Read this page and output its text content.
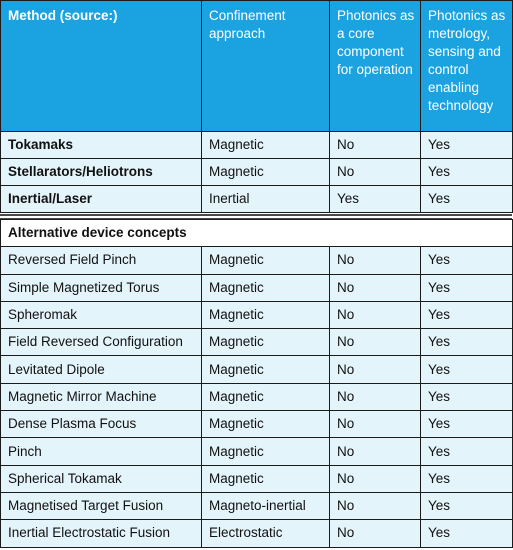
Method (source:)	Confinement approach	Photonics as a core component for operation	Photonics as metrology, sensing and control enabling technology
Tokamaks	Magnetic	No	Yes
Stellarators/Heliotrons	Magnetic	No	Yes
Inertial/Laser	Inertial	Yes	Yes
Alternative device concepts			
Reversed Field Pinch	Magnetic	No	Yes
Simple Magnetized Torus	Magnetic	No	Yes
Spheromak	Magnetic	No	Yes
Field Reversed Configuration	Magnetic	No	Yes
Levitated Dipole	Magnetic	No	Yes
Magnetic Mirror Machine	Magnetic	No	Yes
Dense Plasma Focus	Magnetic	No	Yes
Pinch	Magnetic	No	Yes
Spherical Tokamak	Magnetic	No	Yes
Magnetised Target Fusion	Magneto-inertial	No	Yes
Inertial Electrostatic Fusion	Electrostatic	No	Yes
